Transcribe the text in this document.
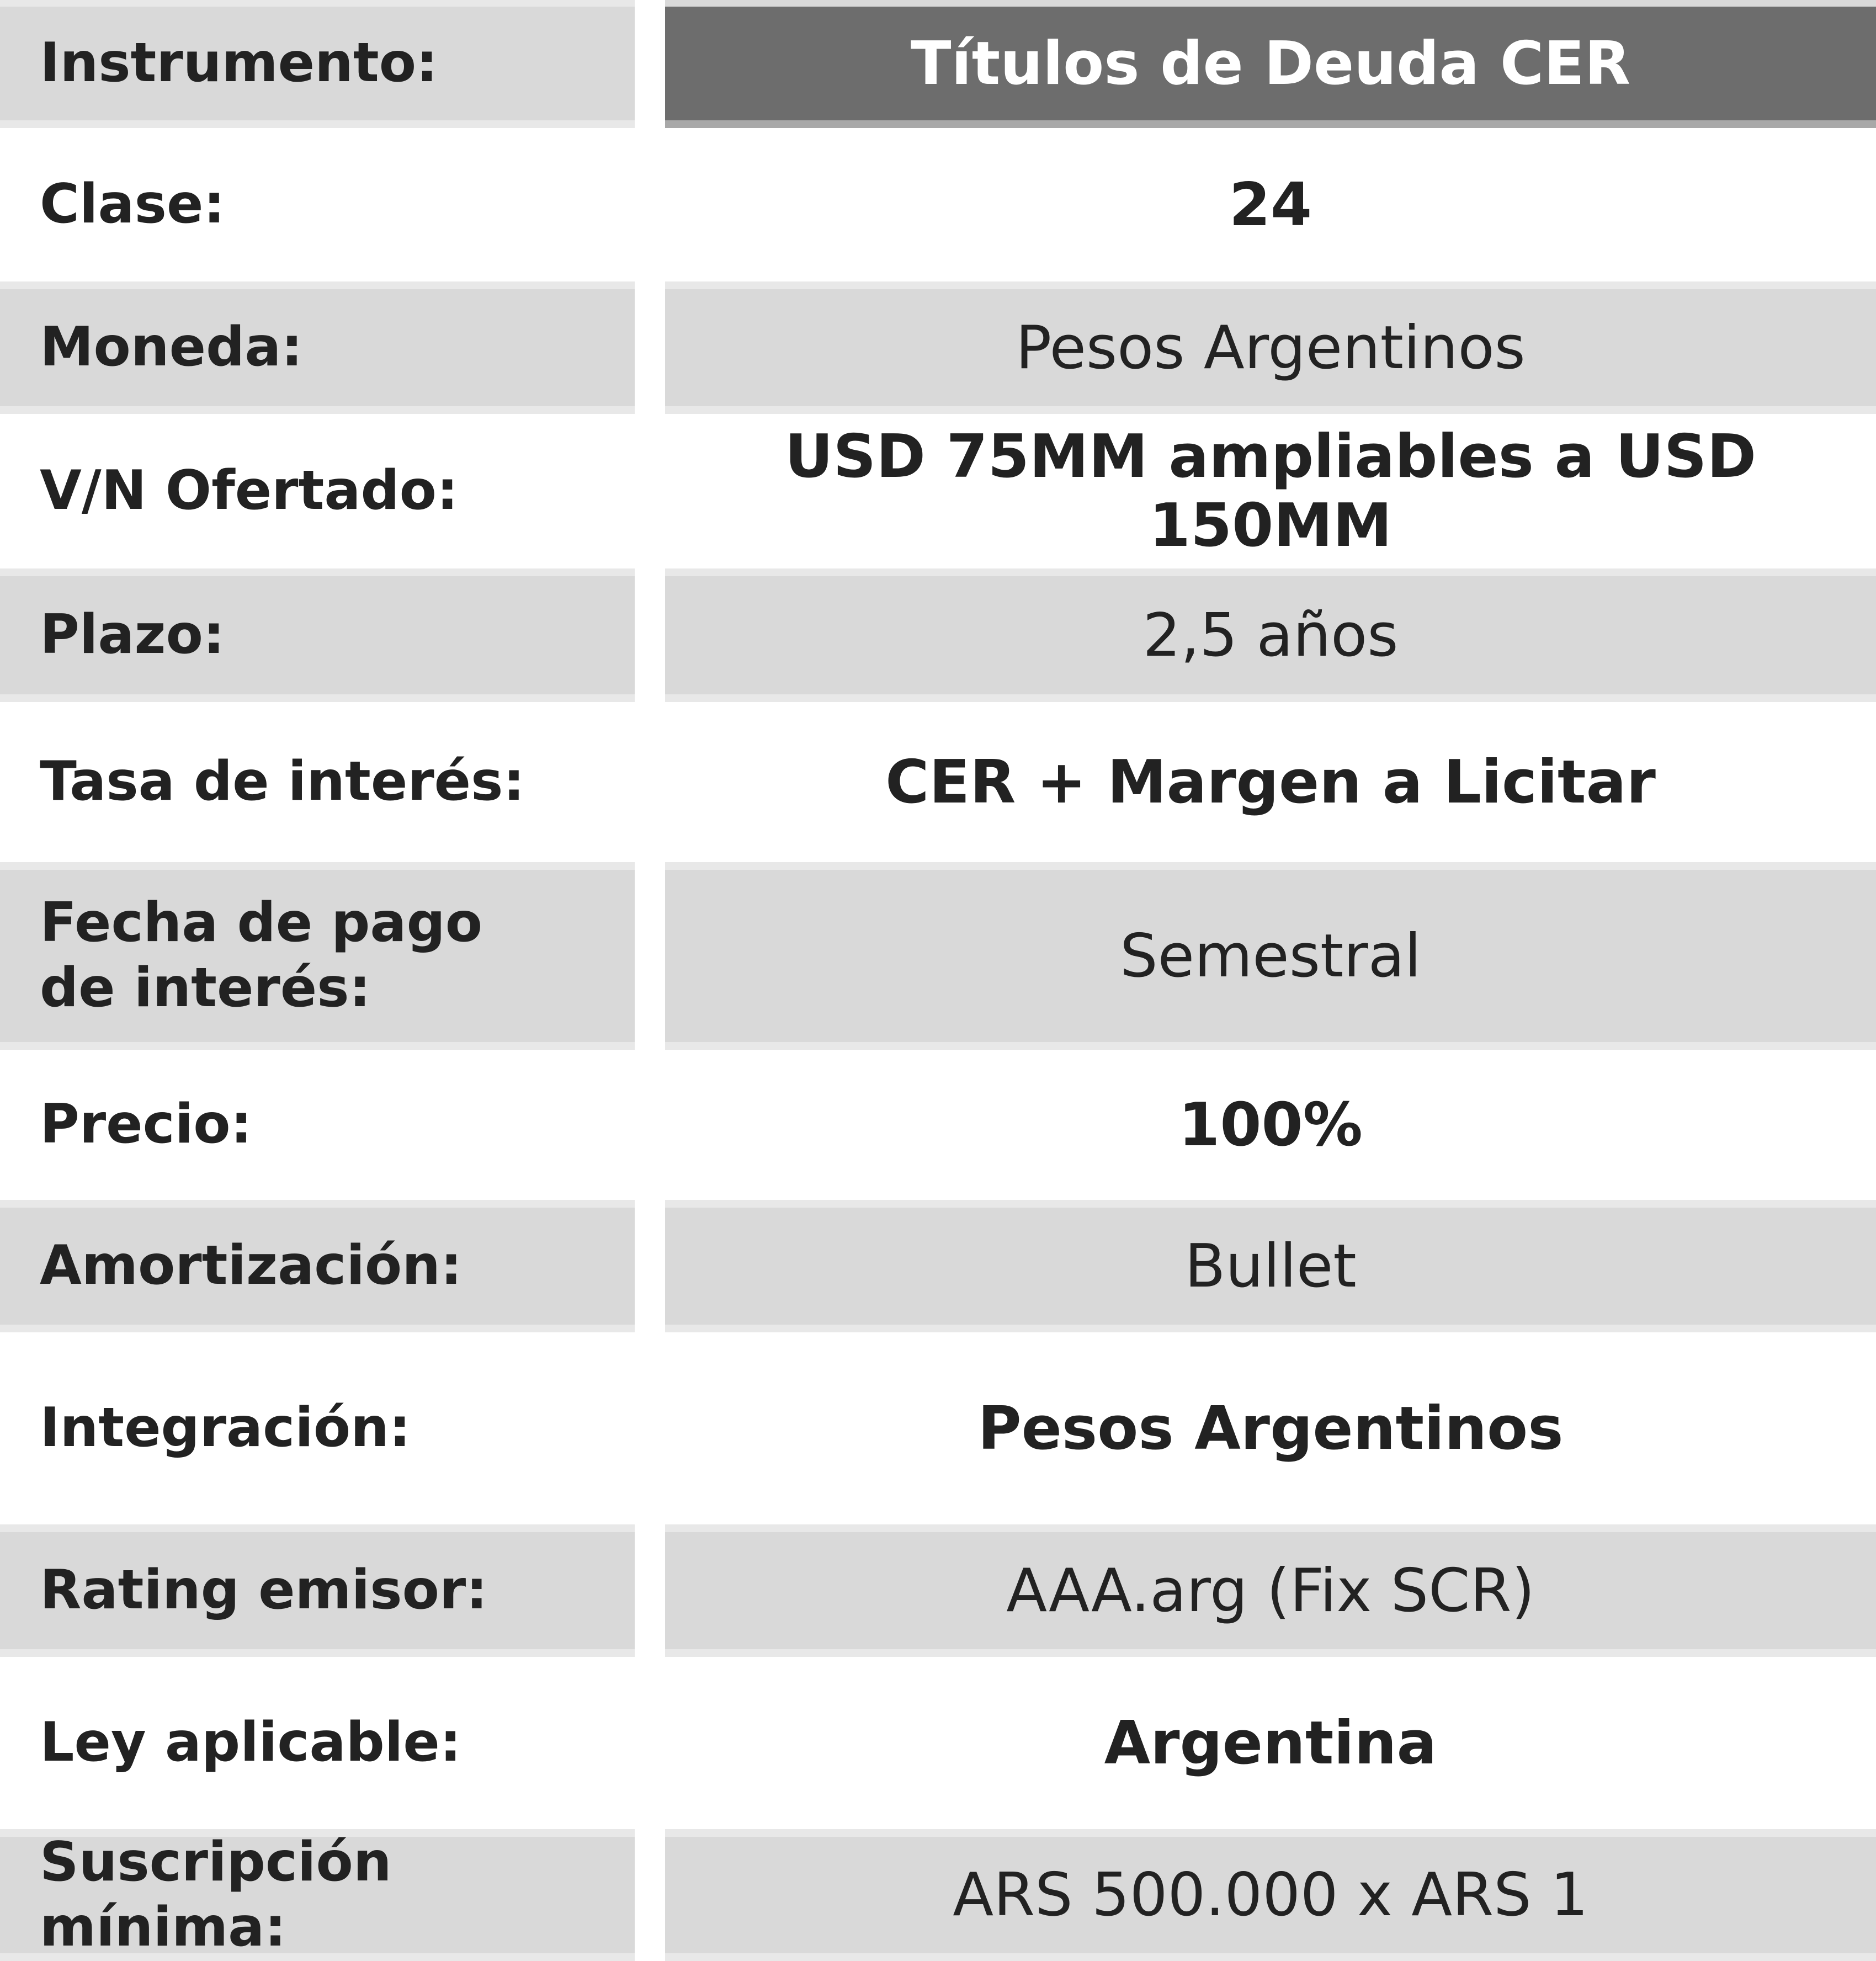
Instrumento:	Títulos de Deuda CER
Clase:	24
Moneda:	Pesos Argentinos
V/N Ofertado:	USD 75MM ampliables a USD 150MM
Plazo:	2,5 años
Tasa de interés:	CER + Margen a Licitar
Fecha de pago
de interés:	Semestral
Precio:	100%
Amortización:	Bullet
Integración:	Pesos Argentinos
Rating emisor:	AAA.arg (Fix SCR)
Ley aplicable:	Argentina
Suscripción mínima:	ARS 500.000 x ARS 1
